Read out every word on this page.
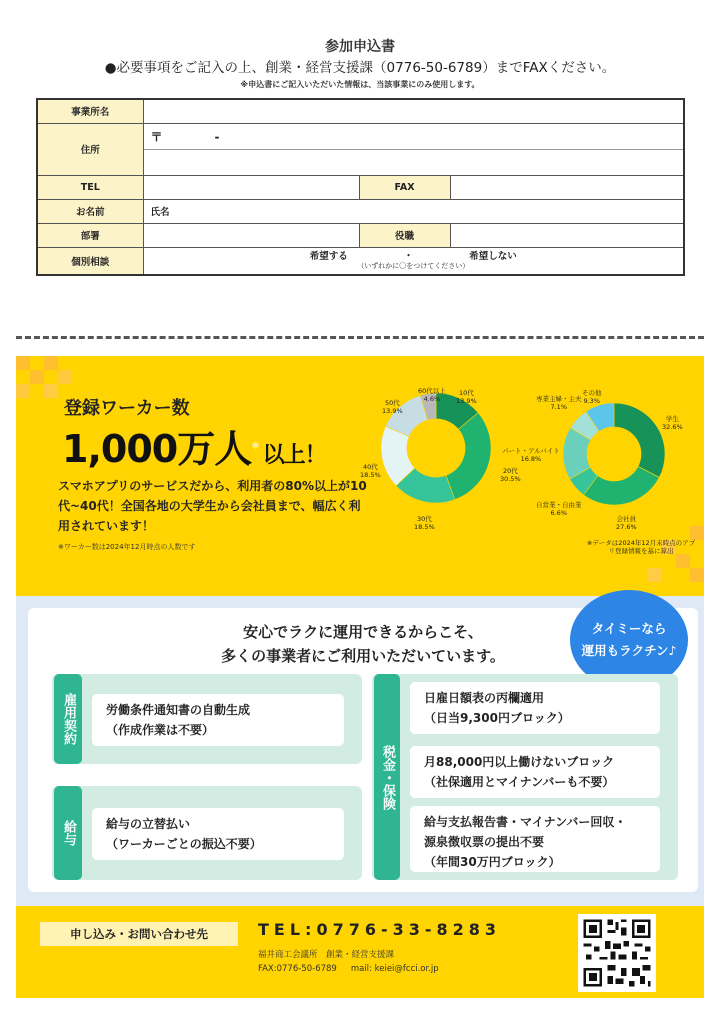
参加申込書
●必要事項をご記入の上、創業・経営支援課（0776-50-6789）までFAXください。
※申込書にご記入いただいた情報は、当該事業にのみ使用します。
事業所名			
住所	〒 -		

TEL		FAX	
お名前	氏名		
部署		役職	
個別相談	希望する ・ 希望しない
（いずれかに〇をつけてください）		
登録ワーカー数
1,000万人※ 以上！
スマホアプリのサービスだから、利用者の80%以上が10代~40代！全国各地の大学生から会社員まで、幅広く利用されています！
※ワーカー数は2024年12月時点の人数です
10代
13.9%
20代
30.5%
30代
18.5%
40代
18.5%
50代
13.9%
60代以上
4.6%
学生
32.6%
会社員
27.6%
自営業・自由業
6.6%
パート・アルバイト
16.8%
専業主婦・主夫
7.1%
その他
9.3%
※データは2024年12月末時点のアプリ登録情報を基に算出
安心でラクに運用できるからこそ、
多くの事業者にご利用いただいています。
タイミーなら
運用もラクチン♪
雇用契約	労働条件通知書の自動生成
（作成作業は不要）
給与	給与の立替払い
（ワーカーごとの振込不要）
税金・保険
日雇日額表の丙欄適用
（日当9,300円ブロック）
月88,000円以上働けないブロック
（社保適用とマイナンバーも不要）
給与支払報告書・マイナンバー回収・
源泉徴収票の提出不要
（年間30万円ブロック）
申し込み・お問い合わせ先	TEL:0776-33-8283
福井商工会議所　創業・経営支援課
FAX:0776-50-6789 mail: keiei@fcci.or.jp
